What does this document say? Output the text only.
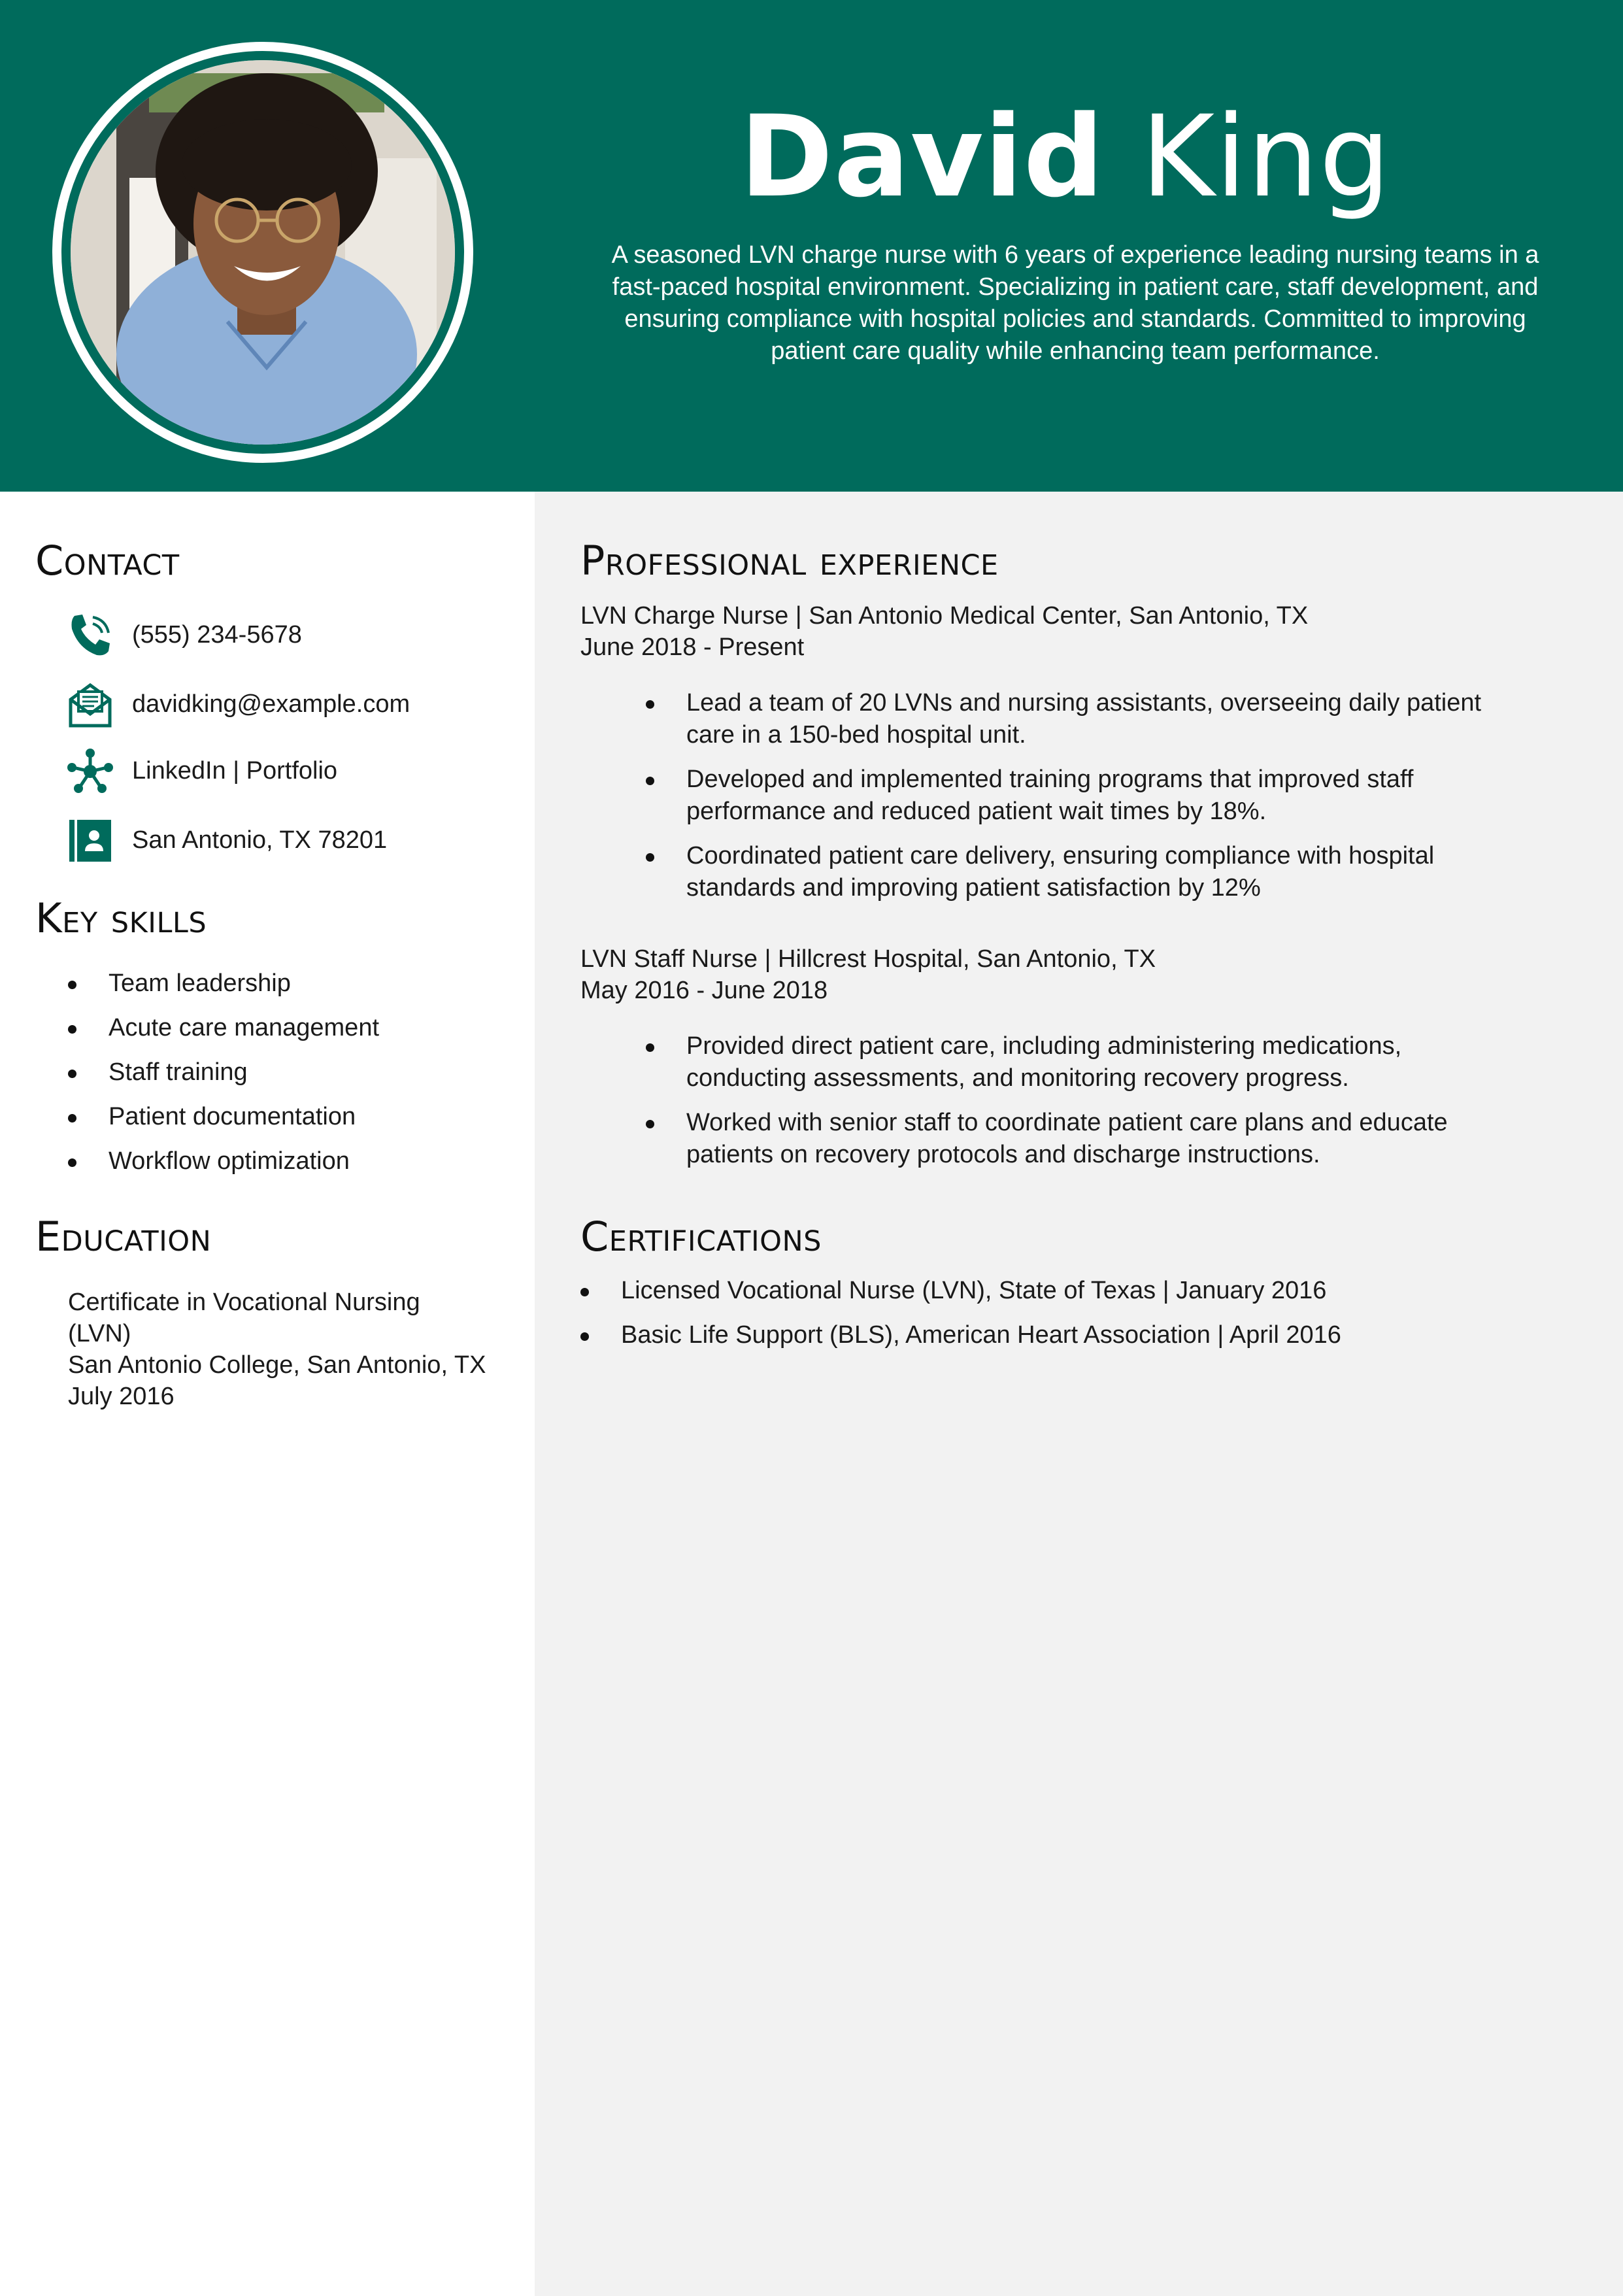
David King
A seasoned LVN charge nurse with 6 years of experience leading nursing teams in a fast-paced hospital environment. Specializing in patient care, staff development, and ensuring compliance with hospital policies and standards. Committed to improving patient care quality while enhancing team performance.
Contact
(555) 234-5678
davidking@example.com
LinkedIn | Portfolio
San Antonio, TX 78201
Key skills
Team leadership
Acute care management
Staff training
Patient documentation
Workflow optimization
Education
Certificate in Vocational Nursing
(LVN)
San Antonio College, San Antonio, TX
July 2016
Professional experience
LVN Charge Nurse | San Antonio Medical Center, San Antonio, TX
June 2018 - Present
Lead a team of 20 LVNs and nursing assistants, overseeing daily patient
care in a 150-bed hospital unit.
Developed and implemented training programs that improved staff
performance and reduced patient wait times by 18%.
Coordinated patient care delivery, ensuring compliance with hospital
standards and improving patient satisfaction by 12%
LVN Staff Nurse | Hillcrest Hospital, San Antonio, TX
May 2016 - June 2018
Provided direct patient care, including administering medications,
conducting assessments, and monitoring recovery progress.
Worked with senior staff to coordinate patient care plans and educate
patients on recovery protocols and discharge instructions.
Certifications
Licensed Vocational Nurse (LVN), State of Texas | January 2016
Basic Life Support (BLS), American Heart Association | April 2016
